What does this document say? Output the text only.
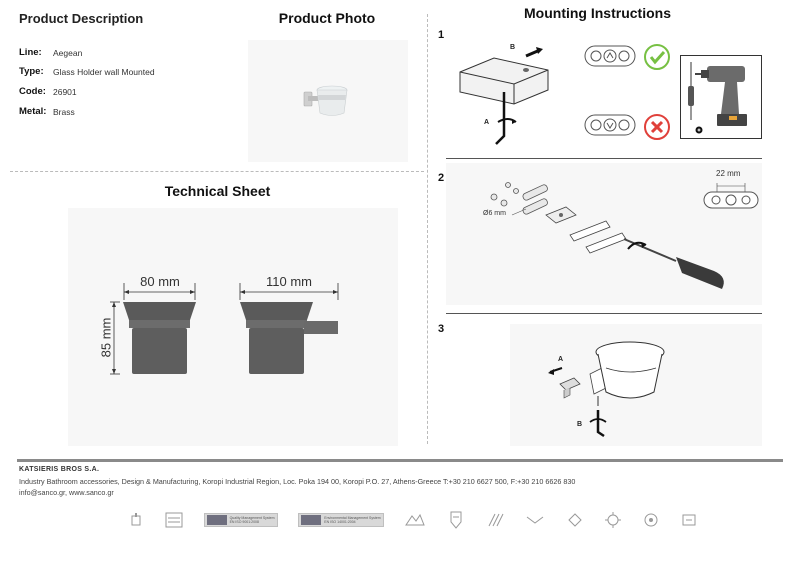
Product Description
Line:	Aegean
Type:	Glass Holder wall Mounted
Code: 26901
Metal: Brass
Product Photo
Technical Sheet
80 mm	110 mm
85 mm
Mounting Instructions
1
B
A
2
Ø6 mm
22 mm
3
A
B
KATSIERIS BROS S.A.
Industry Bathroom accessories, Design & Manufacturing, Koropi Industrial Region, Loc. Poka 194 00, Koropi P.O. 27, Athens-Greece T:+30 210 6627 500, F:+30 210 6626 830
info@sanco.gr, www.sanco.gr
Quality Management System
EN ISO 9001:2008
Environmental Management System
EN ISO 14001:2004
